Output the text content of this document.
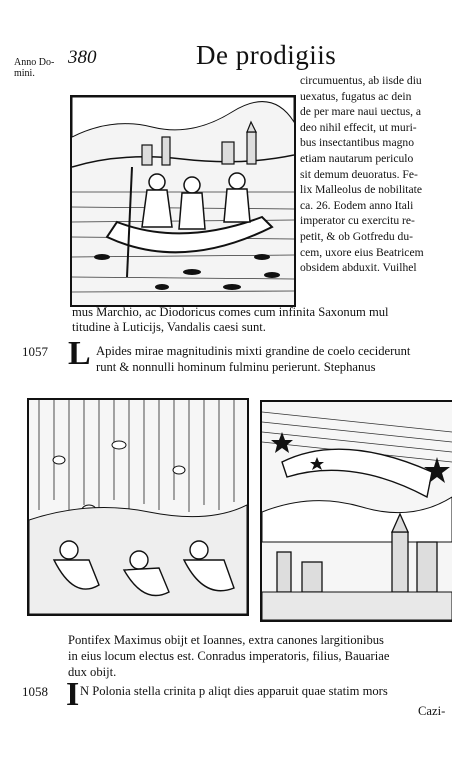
Anno Do-
mini.
380	De prodigiis
circumuentus, ab iisde diu
uexatus, fugatus ac dein
de per mare naui uectus, a
deo nihil effecit, ut muri-
bus insectantibus magno
etiam nautarum periculo
sit demum deuoratus. Fe-
lix Malleolus de nobilitate
ca. 26. Eodem anno Itali
imperator cu exercitu re-
petit, & ob Gotfredu du-
cem, uxore eius Beatricem
obsidem abduxit. Vuilhel
mus Marchio, ac Diodoricus comes cum infinita Saxonum mul
titudine à Luticijs, Vandalis caesi sunt.
1057 L Apides mirae magnitudinis mixti grandine de coelo ceciderunt
runt & nonnulli hominum fulminu perierunt. Stephanus
Pontifex Maximus obijt et Ioannes, extra canones largitionibus
in eius locum electus est. Conradus imperatoris, filius, Bauariae
dux obijt.
1058 I N Polonia stella crinita p aliqt dies apparuit quae statim mors
Cazi-
